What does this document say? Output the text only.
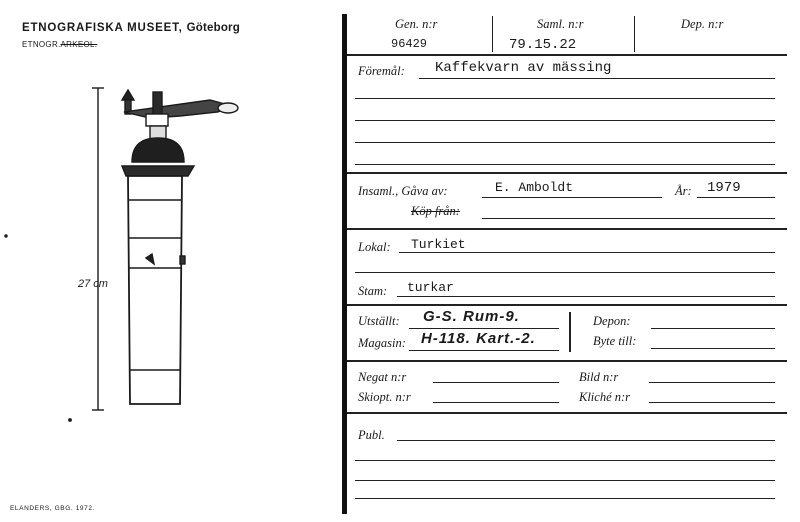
ETNOGRAFISKA MUSEET, Göteborg
ETNOGR.ARKEOL.
27 cm
ELANDERS, GBG. 1972.
Gen. n:r
96429
Saml. n:r
79.15.22
Dep. n:r
Föremål: Kaffekvarn av mässing
Insaml., Gåva av:	E. Amboldt	År: 1979
Köp från:
Lokal: Turkiet
Stam: turkar
Utställt: G-S. Rum-9.
Magasin: H-118. Kart.-2.
Depon:
Byte till:
Negat n:r	Bild n:r
Skiopt. n:r	Kliché n:r
Publ.
